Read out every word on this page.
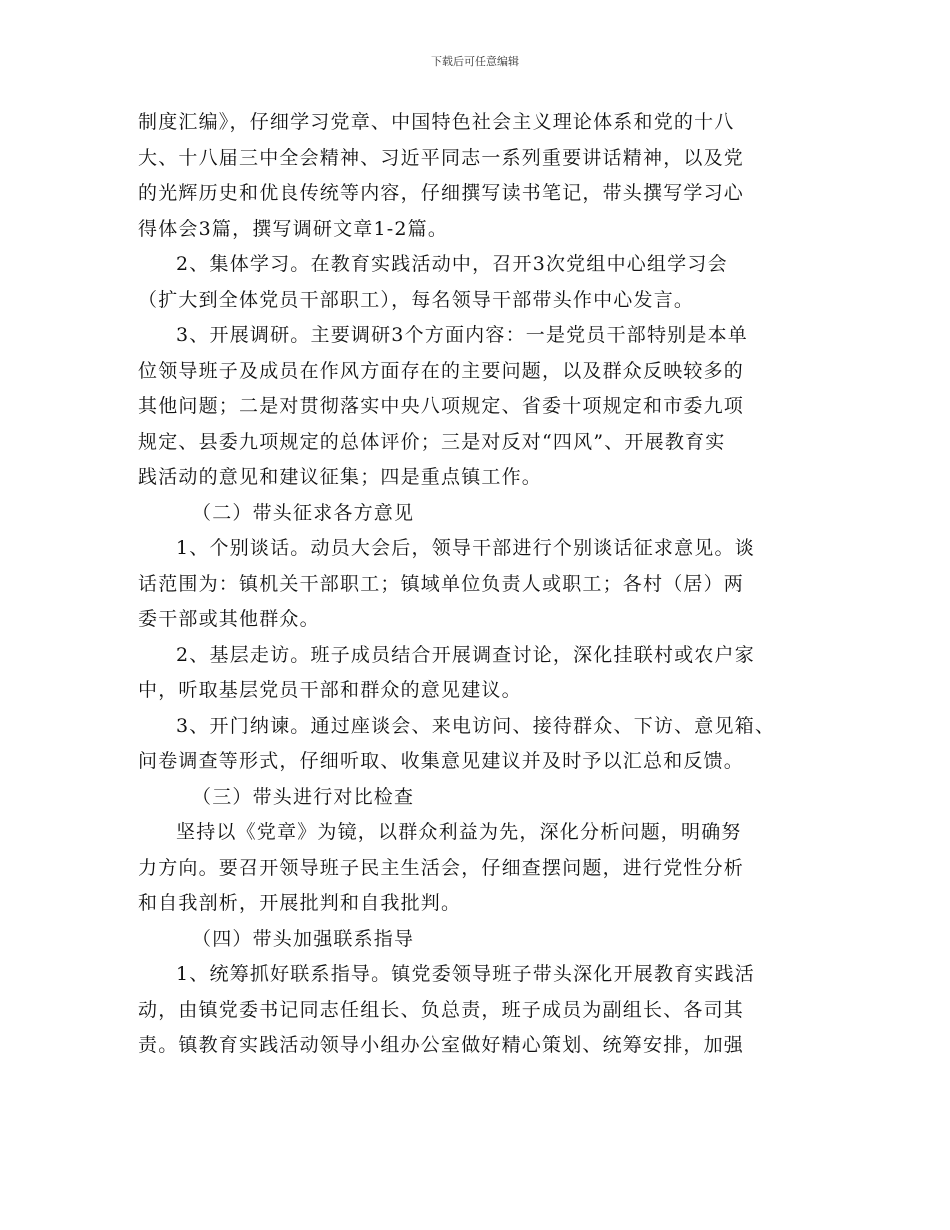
下载后可任意编辑
制度汇编》，仔细学习党章、中国特色社会主义理论体系和党的十八
大、十八届三中全会精神、习近平同志一系列重要讲话精神，以及党
的光辉历史和优良传统等内容，仔细撰写读书笔记，带头撰写学习心
得体会3篇，撰写调研文章1-2篇。
2、集体学习。在教育实践活动中，召开3次党组中心组学习会
（扩大到全体党员干部职工），每名领导干部带头作中心发言。
3、开展调研。主要调研3个方面内容：一是党员干部特别是本单
位领导班子及成员在作风方面存在的主要问题，以及群众反映较多的
其他问题；二是对贯彻落实中央八项规定、省委十项规定和市委九项
规定、县委九项规定的总体评价；三是对反对“四风”、开展教育实
践活动的意见和建议征集；四是重点镇工作。
（二）带头征求各方意见
1、个别谈话。动员大会后，领导干部进行个别谈话征求意见。谈
话范围为：镇机关干部职工；镇域单位负责人或职工；各村（居）两
委干部或其他群众。
2、基层走访。班子成员结合开展调查讨论，深化挂联村或农户家
中，听取基层党员干部和群众的意见建议。
3、开门纳谏。通过座谈会、来电访问、接待群众、下访、意见箱、
问卷调查等形式，仔细听取、收集意见建议并及时予以汇总和反馈。
（三）带头进行对比检查
坚持以《党章》为镜，以群众利益为先，深化分析问题，明确努
力方向。要召开领导班子民主生活会，仔细查摆问题，进行党性分析
和自我剖析，开展批判和自我批判。
（四）带头加强联系指导
1、统筹抓好联系指导。镇党委领导班子带头深化开展教育实践活
动，由镇党委书记同志任组长、负总责，班子成员为副组长、各司其
责。镇教育实践活动领导小组办公室做好精心策划、统筹安排，加强
